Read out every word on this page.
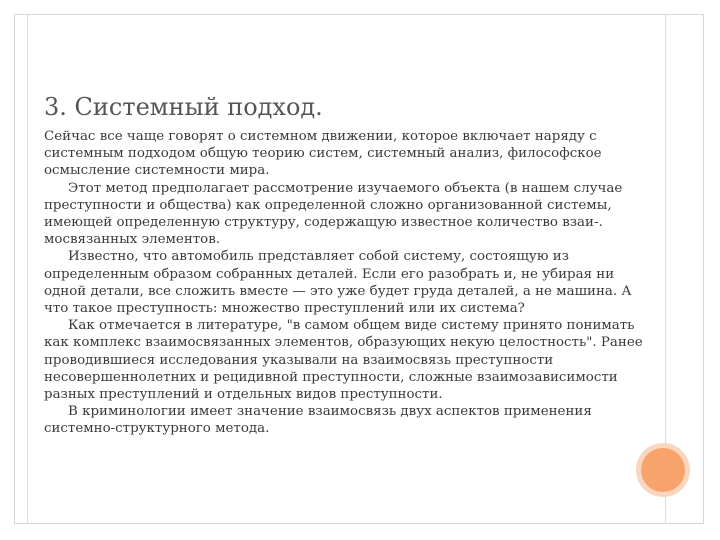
3. Системный подход.

Сейчас все чаще говорят о системном движении, которое включает наряду с системным подходом общую теорию систем, системный анализ, философское осмысление системности мира.

Этот метод предполагает рассмотрение изучаемого объекта (в нашем случае преступности и общества) как определенной сложно организованной системы, имеющей определенную структуру, содержащую известное количество взаи-. мосвязанных элементов.

Известно, что автомобиль представляет собой систему, состоящую из определенным образом собранных деталей. Если его разобрать и, не убирая ни одной детали, все сложить вместе — это уже будет груда деталей, а не машина. А что такое преступность: множество преступлений или их система?

Как отмечается в литературе, "в самом общем виде систему принято понимать как комплекс взаимосвязанных элементов, образующих некую целостность". Ранее проводившиеся исследования указывали на взаимосвязь преступности несовершеннолетних и рецидивной преступности, сложные взаимозависимости разных преступлений и отдельных видов преступности.

В криминологии имеет значение взаимосвязь двух аспектов применения системно-структурного метода.
